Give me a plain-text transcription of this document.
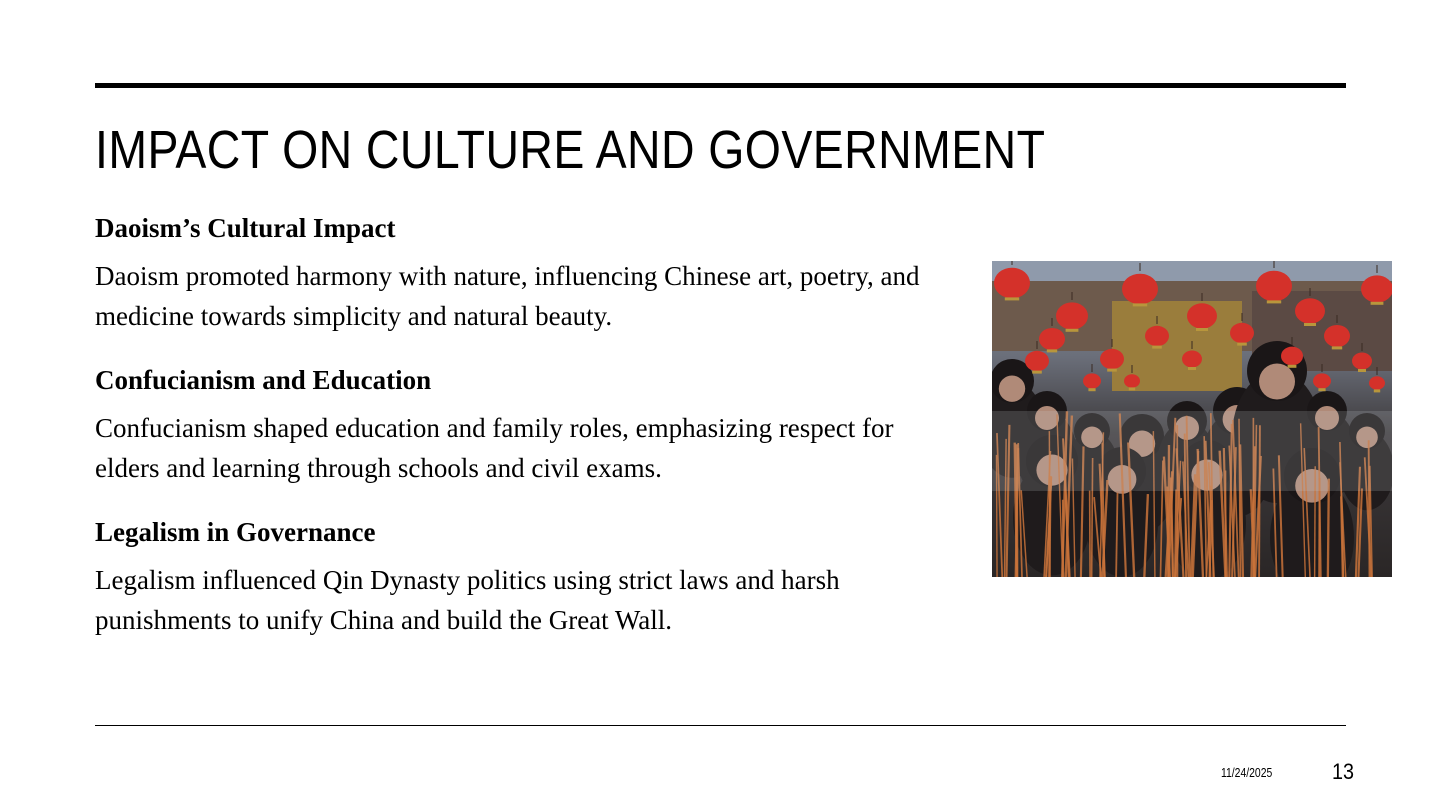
IMPACT ON CULTURE AND GOVERNMENT

Daoism’s Cultural Impact

Daoism promoted harmony with nature, influencing Chinese art, poetry, and medicine towards simplicity and natural beauty.

Confucianism and Education

Confucianism shaped education and family roles, emphasizing respect for elders and learning through schools and civil exams.

Legalism in Governance

Legalism influenced Qin Dynasty politics using strict laws and harsh punishments to unify China and build the Great Wall.

11/24/2025	13
